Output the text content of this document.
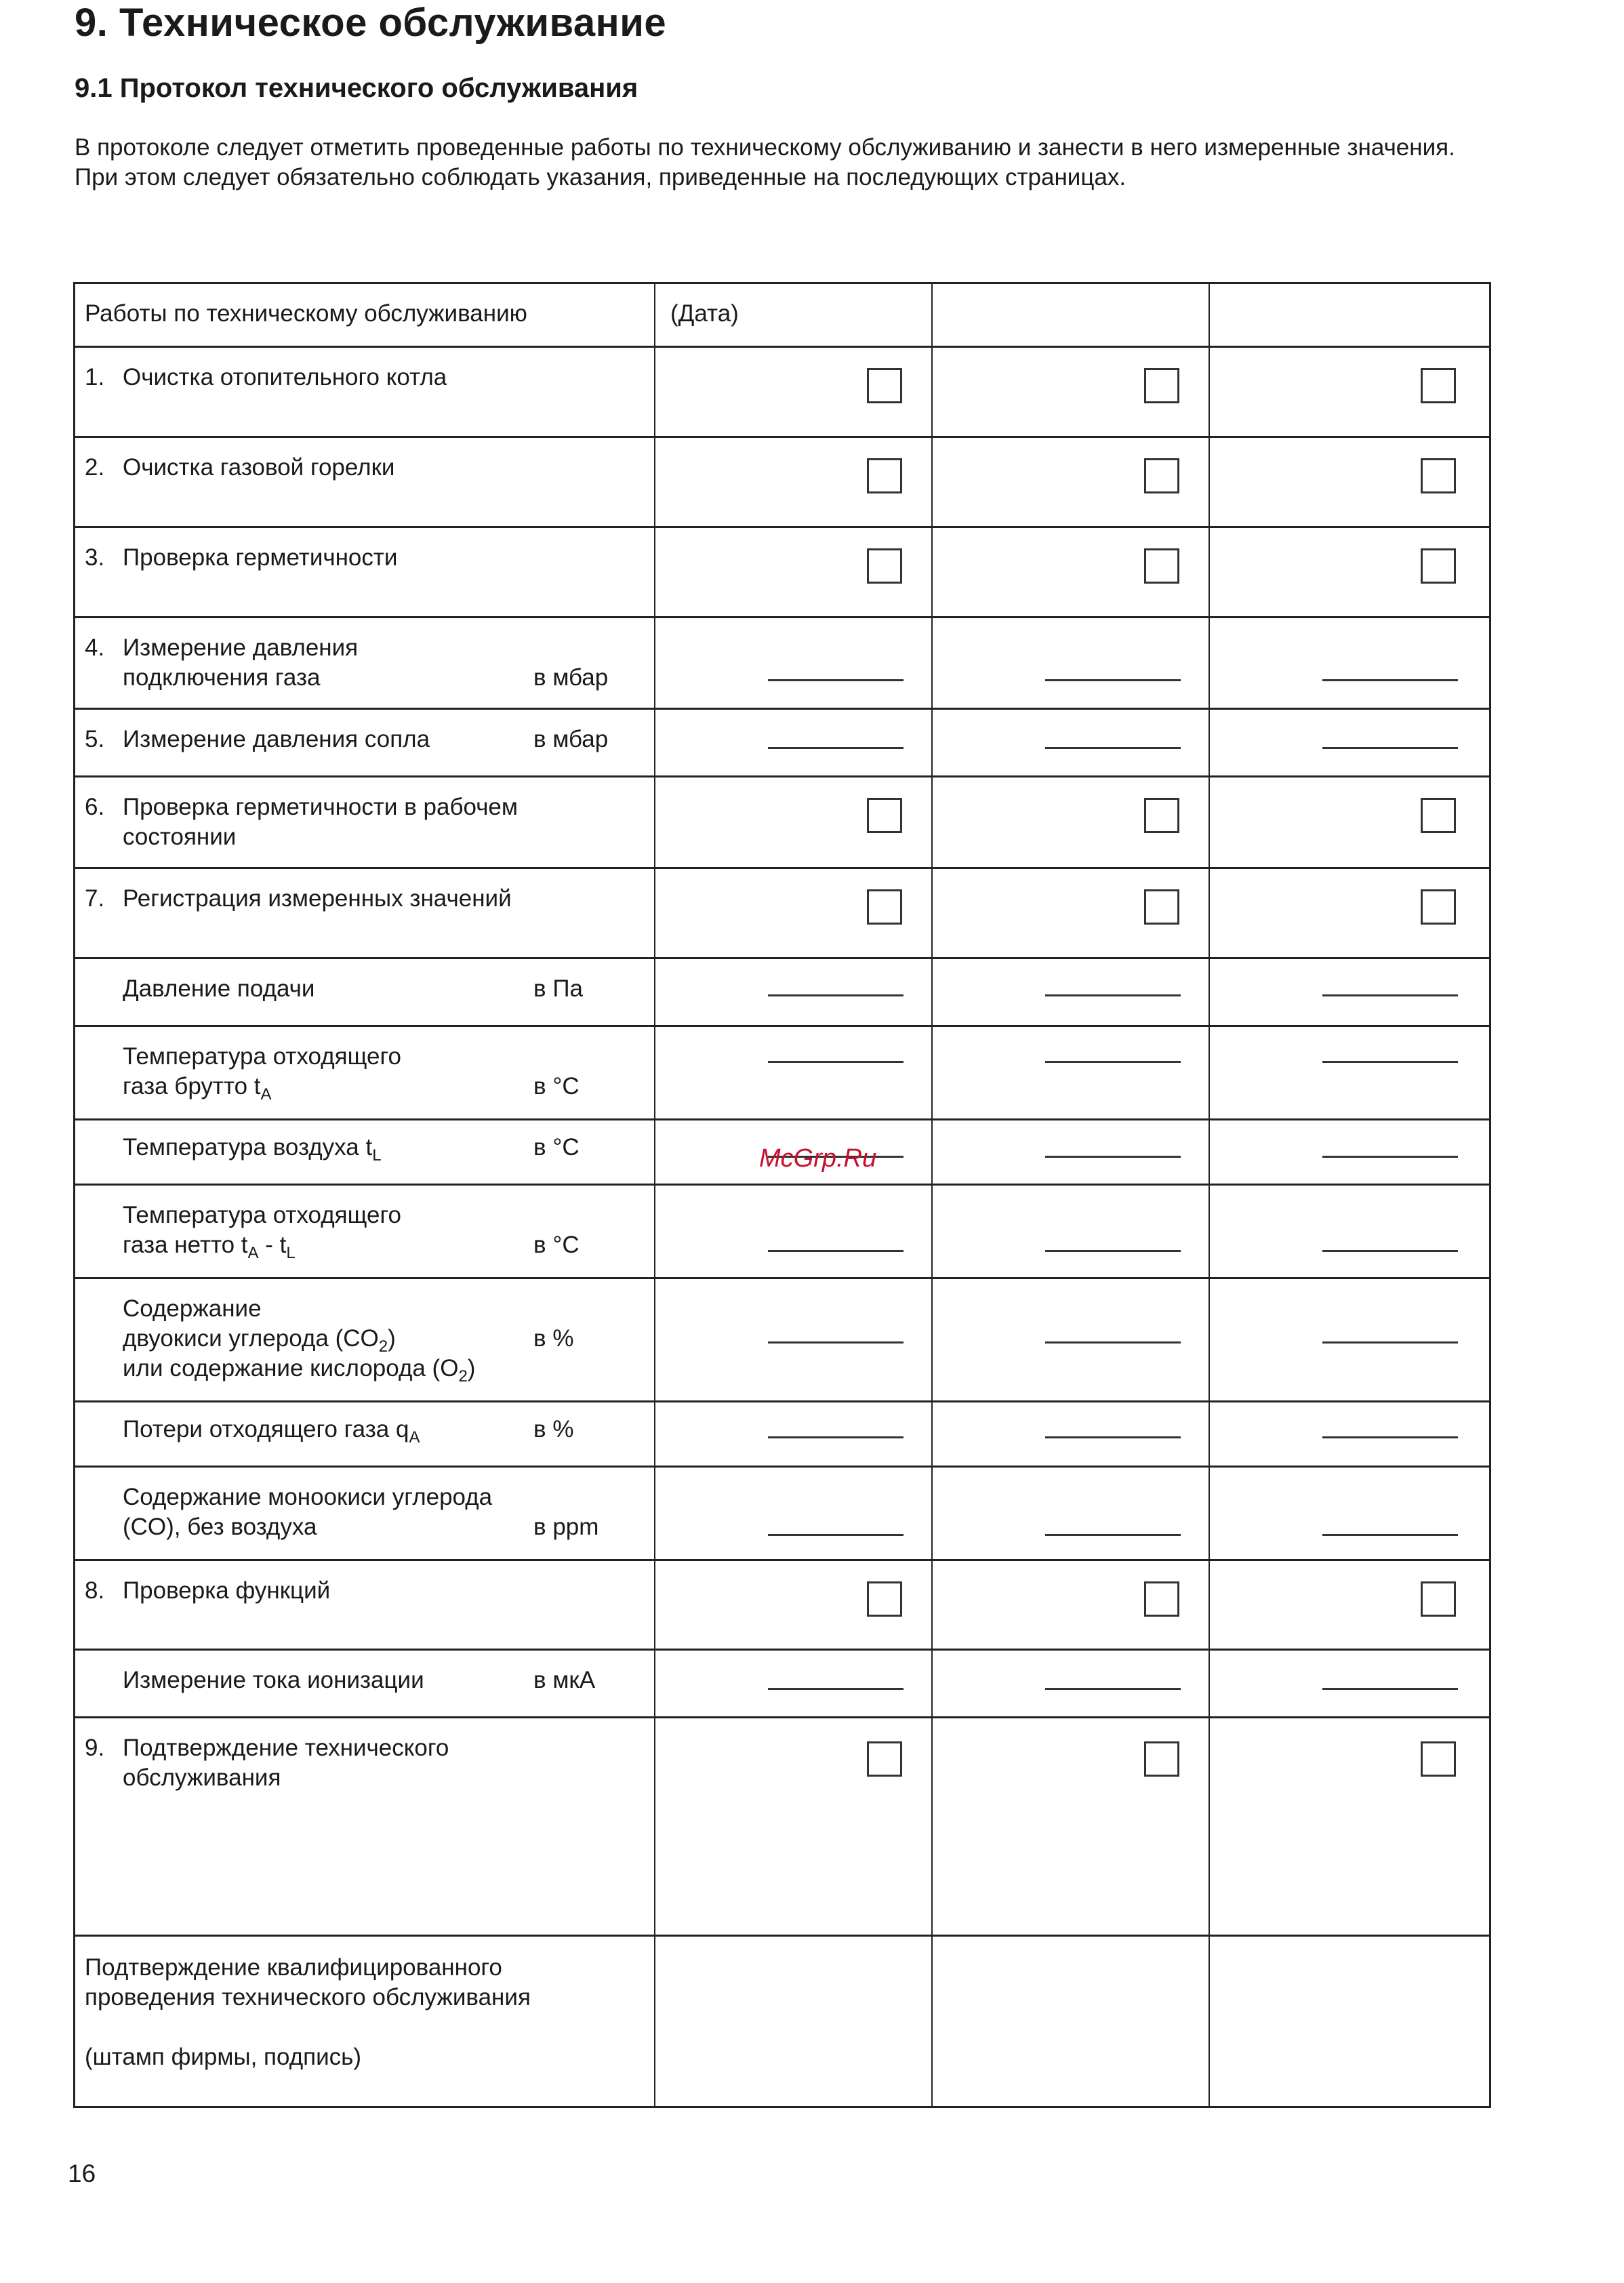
9. Техническое обслуживание
9.1 Протокол технического обслуживания

В протоколе следует отметить проведенные работы по техническому обслуживанию и занести в него измеренные значения.

При этом следует обязательно соблюдать указания, приведенные на последующих страницах.

Работы по техническому обслуживанию	(Дата)
1. Очистка отопительного котла
2. Очистка газовой горелки
3. Проверка герметичности
4. Измерение давления
подключения газа	в мбар
5. Измерение давления сопла	в мбар
6. Проверка герметичности в рабочем
состоянии
7. Регистрация измеренных значений
Давление подачи	в Па
Температура отходящего
газа брутто $t_A$	в °С
Температура воздуха $t_L$	в °С
Температура отходящего
газа нетто $t_A - t_L$	в °С
Содержание
двуокиси углерода $(CO_2)$
или содержание кислорода $(O_2)$
в %
Потери отходящего газа $q_A$	в %
Содержание моноокиси углерода
(CO), без воздуха	в ppm
8. Проверка функций
Измерение тока ионизации	в мкА
9. Подтверждение технического
обслуживания
Подтверждение квалифицированного
проведения технического обслуживания
(штамп фирмы, подпись)
McGrp.Ru
16
